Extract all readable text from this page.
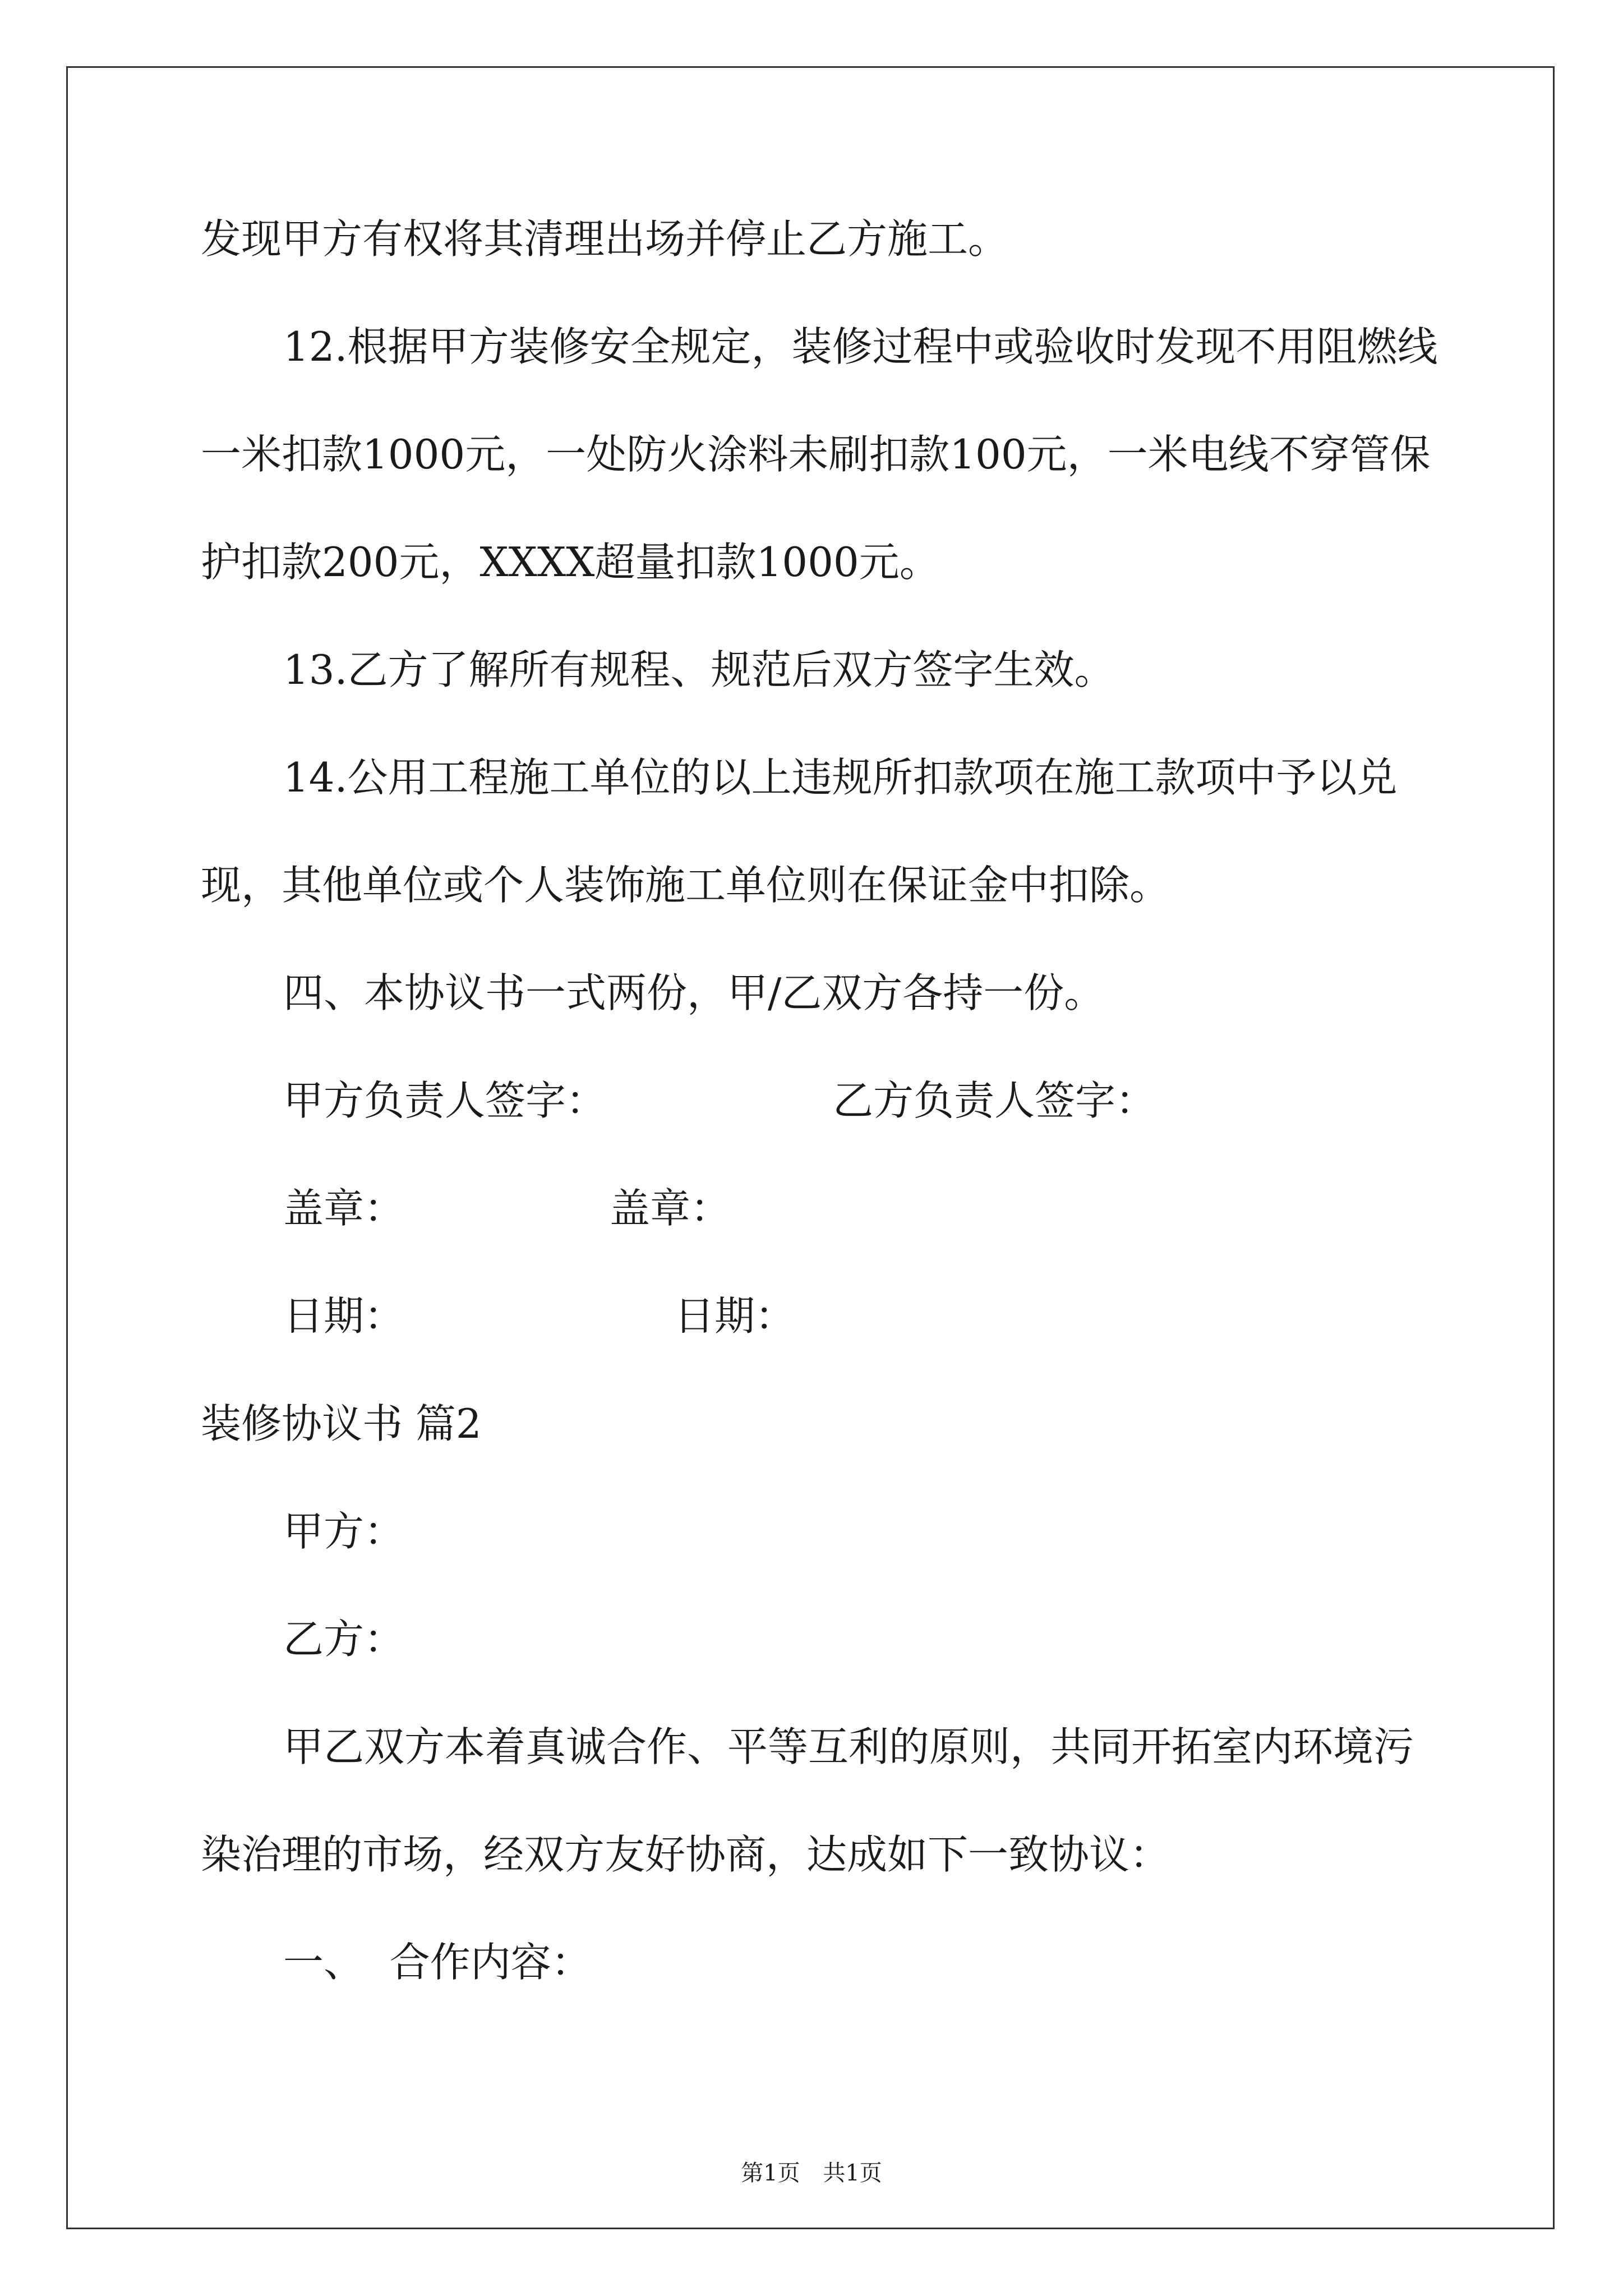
发现甲方有权将其清理出场并停止乙方施工。

12.根据甲方装修安全规定，装修过程中或验收时发现不用阻燃线

一米扣款1000元，一处防火涂料未刷扣款100元，一米电线不穿管保

护扣款200元，XXXX超量扣款1000元。

13.乙方了解所有规程、规范后双方签字生效。

14.公用工程施工单位的以上违规所扣款项在施工款项中予以兑

现，其他单位或个人装饰施工单位则在保证金中扣除。

四、本协议书一式两份，甲/乙双方各持一份。

甲方负责人签字：	乙方负责人签字：

盖章：	盖章：

日期：	日期：

装修协议书 篇2

甲方：

乙方：

甲乙双方本着真诚合作、平等互利的原则，共同开拓室内环境污

染治理的市场，经双方友好协商，达成如下一致协议：

一、  合作内容：

第1页 共1页
